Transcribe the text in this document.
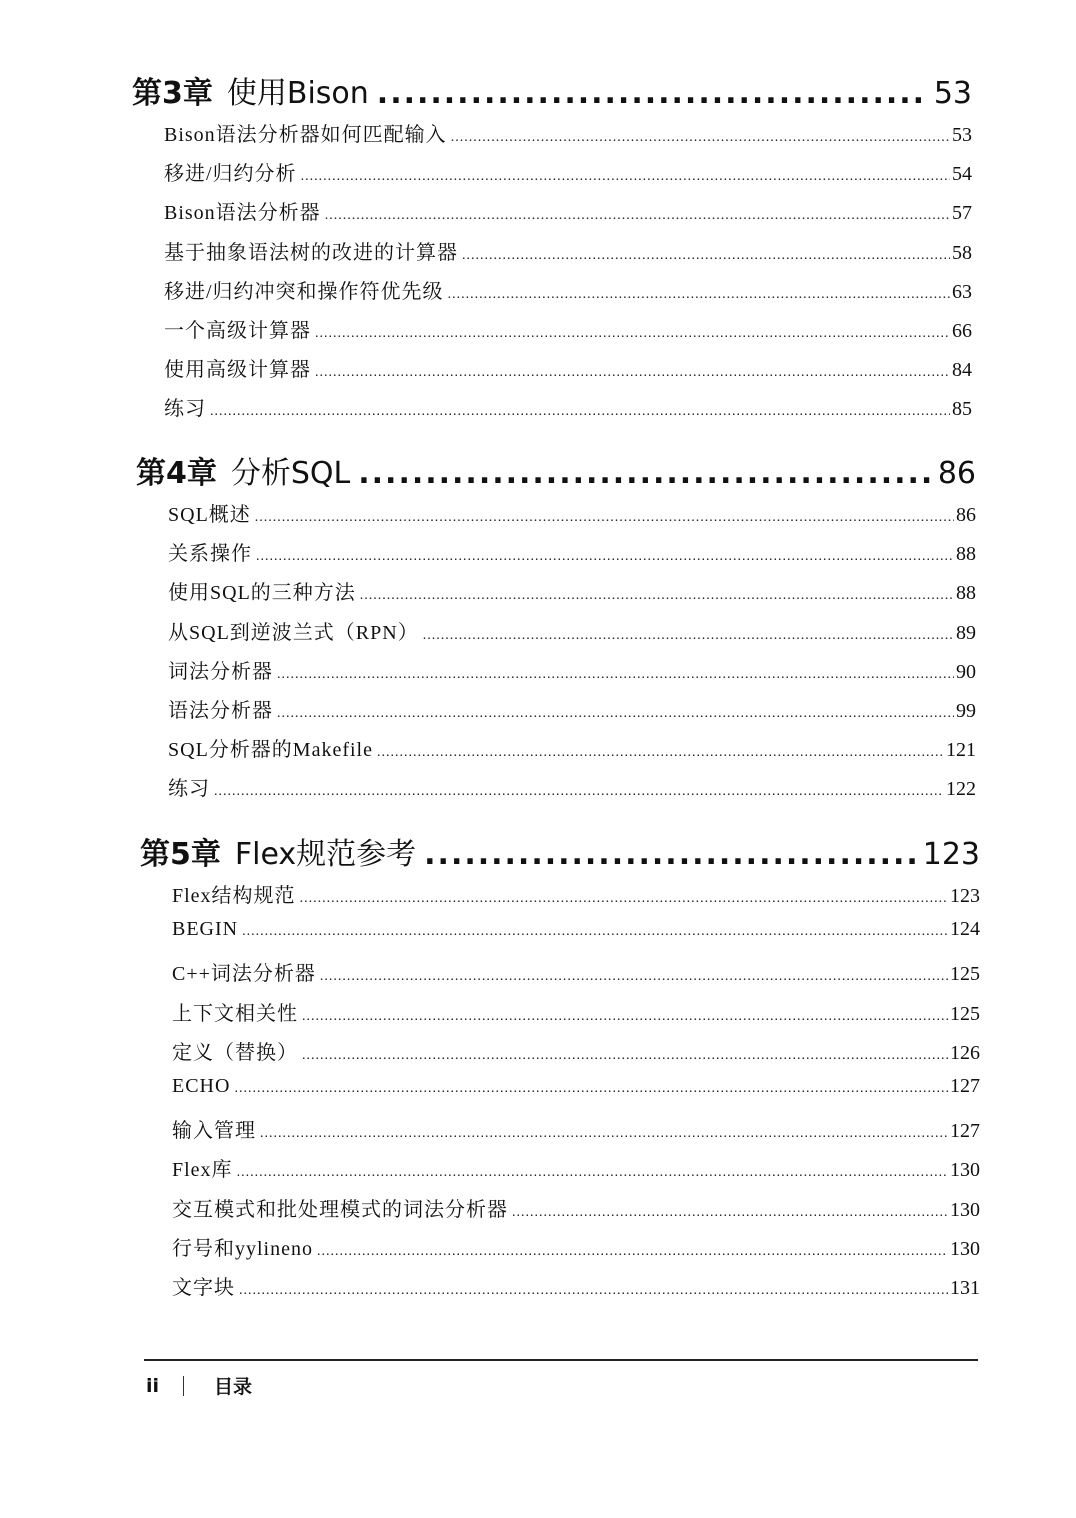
第3章 使用Bison .....	53
Bison语法分析器如何匹配输入 .....	53
移进/归约分析 .....	54
Bison语法分析器 .....	57
基于抽象语法树的改进的计算器 .....	58
移进/归约冲突和操作符优先级 .....	63
一个高级计算器 .....	66
使用高级计算器 .....	84
练习 .....	85
第4章 分析SQL .....	86
SQL概述 .....	86
关系操作 .....	88
使用SQL的三种方法 .....	88
从SQL到逆波兰式（RPN） .....	89
词法分析器 .....	90
语法分析器 .....	99
SQL分析器的Makefile .....	121
练习 .....	122
第5章 Flex规范参考 .....	123
Flex结构规范 .....	123
BEGIN .....	124
C++词法分析器 .....	125
上下文相关性 .....	125
定义（替换） .....	126
ECHO .....	127
输入管理 .....	127
Flex库 .....	130
交互模式和批处理模式的词法分析器 .....	130
行号和yylineno .....	130
文字块 .....	131
ii	目录
